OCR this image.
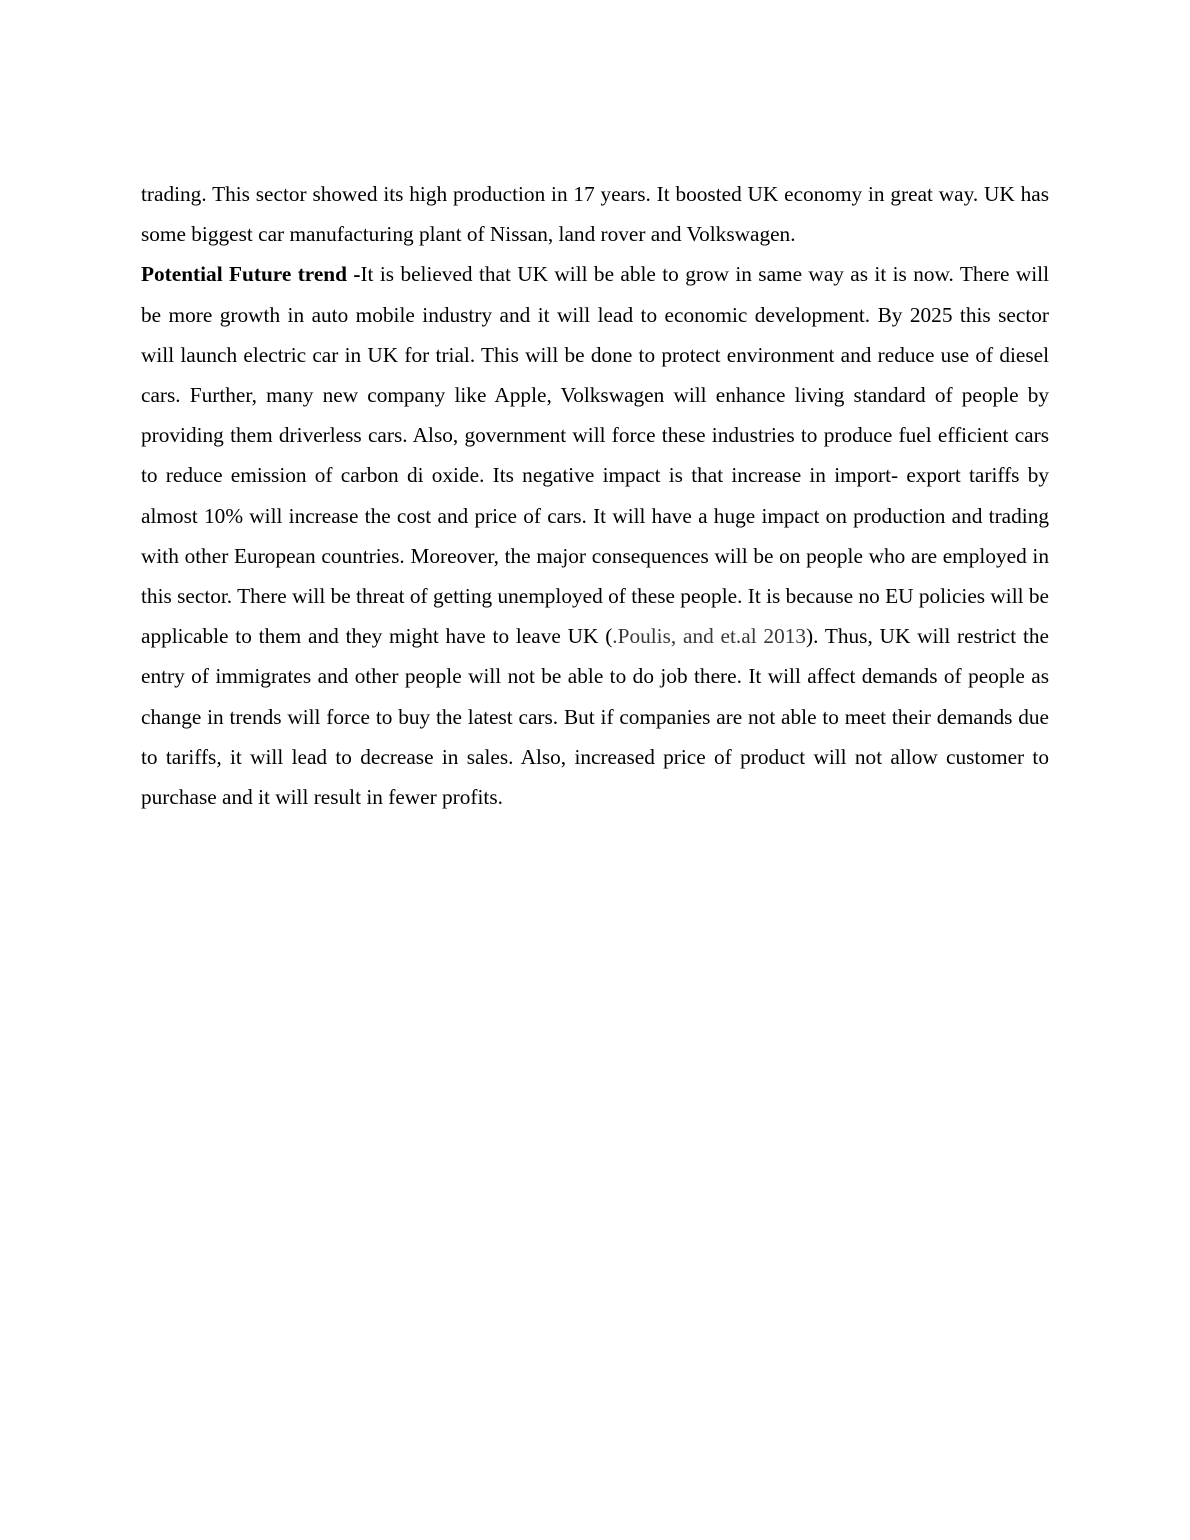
trading. This sector showed its high production in 17 years. It boosted UK economy in great way. UK has some biggest car manufacturing plant of Nissan, land rover and Volkswagen.

Potential Future trend -It is believed that UK will be able to grow in same way as it is now. There will be more growth in auto mobile industry and it will lead to economic development. By 2025 this sector will launch electric car in UK for trial. This will be done to protect environment and reduce use of diesel cars. Further, many new company like Apple, Volkswagen will enhance living standard of people by providing them driverless cars. Also, government will force these industries to produce fuel efficient cars to reduce emission of carbon di oxide. Its negative impact is that increase in import- export tariffs by almost 10% will increase the cost and price of cars. It will have a huge impact on production and trading with other European countries. Moreover, the major consequences will be on people who are employed in this sector. There will be threat of getting unemployed of these people. It is because no EU policies will be applicable to them and they might have to leave UK (.Poulis, and et.al 2013). Thus, UK will restrict the entry of immigrates and other people will not be able to do job there. It will affect demands of people as change in trends will force to buy the latest cars. But if companies are not able to meet their demands due to tariffs, it will lead to decrease in sales. Also, increased price of product will not allow customer to purchase and it will result in fewer profits.
